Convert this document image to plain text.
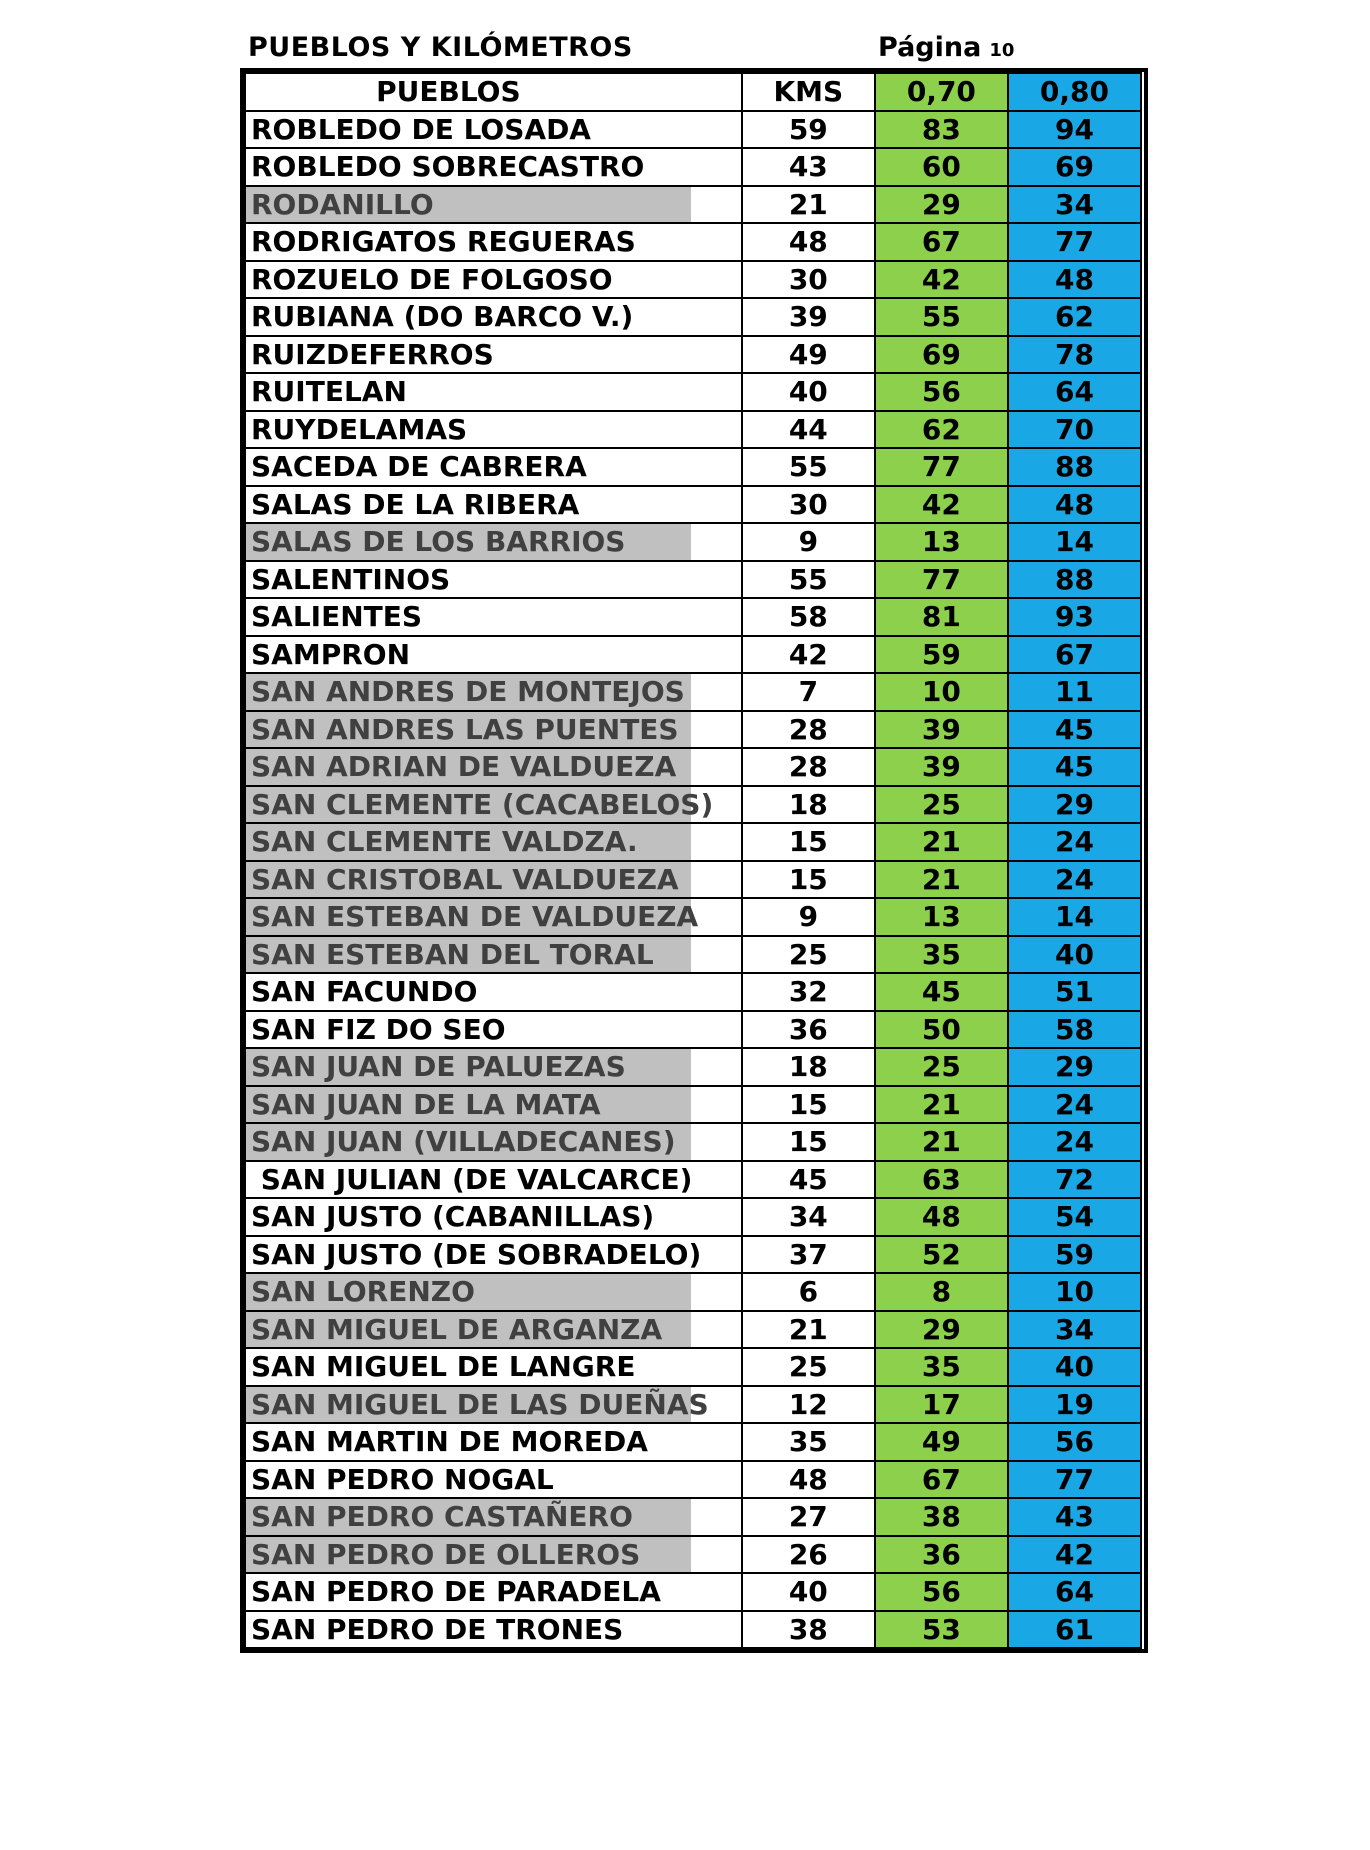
PUEBLOS Y KILÓMETROS	Página 10
PUEBLOS	KMS	0,70	0,80
ROBLEDO DE LOSADA	59	83	94
ROBLEDO SOBRECASTRO	43	60	69

RODANILLO	21	29	34
RODRIGATOS REGUERAS	48	67	77
ROZUELO DE FOLGOSO	30	42	48
RUBIANA (DO BARCO V.)	39	55	62
RUIZDEFERROS	49	69	78
RUITELAN	40	56	64
RUYDELAMAS	44	62	70
SACEDA DE CABRERA	55	77	88
SALAS DE LA RIBERA	30	42	48

SALAS DE LOS BARRIOS	9	13	14
SALENTINOS	55	77	88
SALIENTES	58	81	93
SAMPRON	42	59	67

SAN ANDRES DE MONTEJOS	7	10	11

SAN ANDRES LAS PUENTES	28	39	45

SAN ADRIAN DE VALDUEZA	28	39	45

SAN CLEMENTE (CACABELOS)	18	25	29

SAN CLEMENTE VALDZA.	15	21	24

SAN CRISTOBAL VALDUEZA	15	21	24

SAN ESTEBAN DE VALDUEZA	9	13	14

SAN ESTEBAN DEL TORAL	25	35	40
SAN FACUNDO	32	45	51
SAN FIZ DO SEO	36	50	58

SAN JUAN DE PALUEZAS	18	25	29

SAN JUAN DE LA MATA	15	21	24

SAN JUAN (VILLADECANES)	15	21	24
SAN JULIAN (DE VALCARCE)	45	63	72
SAN JUSTO (CABANILLAS)	34	48	54
SAN JUSTO (DE SOBRADELO)	37	52	59

SAN LORENZO	6	8	10

SAN MIGUEL DE ARGANZA	21	29	34
SAN MIGUEL DE LANGRE	25	35	40

SAN MIGUEL DE LAS DUEÑAS	12	17	19
SAN MARTIN DE MOREDA	35	49	56
SAN PEDRO NOGAL	48	67	77

SAN PEDRO CASTAÑERO	27	38	43

SAN PEDRO DE OLLEROS	26	36	42
SAN PEDRO DE PARADELA	40	56	64
SAN PEDRO DE TRONES	38	53	61
